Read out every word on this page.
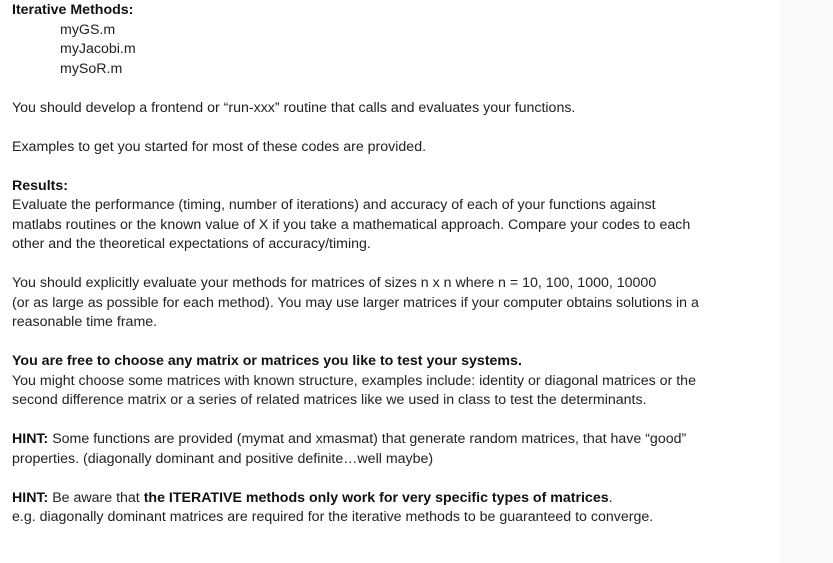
Iterative Methods:

myGS.m

myJacobi.m

mySoR.m

You should develop a frontend or “run-xxx” routine that calls and evaluates your functions.

Examples to get you started for most of these codes are provided.

Results:

Evaluate the performance (timing, number of iterations) and accuracy of each of your functions against

matlabs routines or the known value of X if you take a mathematical approach. Compare your codes to each

other and the theoretical expectations of accuracy/timing.

You should explicitly evaluate your methods for matrices of sizes n x n where n = 10, 100, 1000, 10000

(or as large as possible for each method). You may use larger matrices if your computer obtains solutions in a

reasonable time frame.

You are free to choose any matrix or matrices you like to test your systems.

You might choose some matrices with known structure, examples include: identity or diagonal matrices or the

second difference matrix or a series of related matrices like we used in class to test the determinants.

HINT: Some functions are provided (mymat and xmasmat) that generate random matrices, that have “good”

properties. (diagonally dominant and positive definite…well maybe)

HINT: Be aware that the ITERATIVE methods only work for very specific types of matrices.

e.g. diagonally dominant matrices are required for the iterative methods to be guaranteed to converge.
